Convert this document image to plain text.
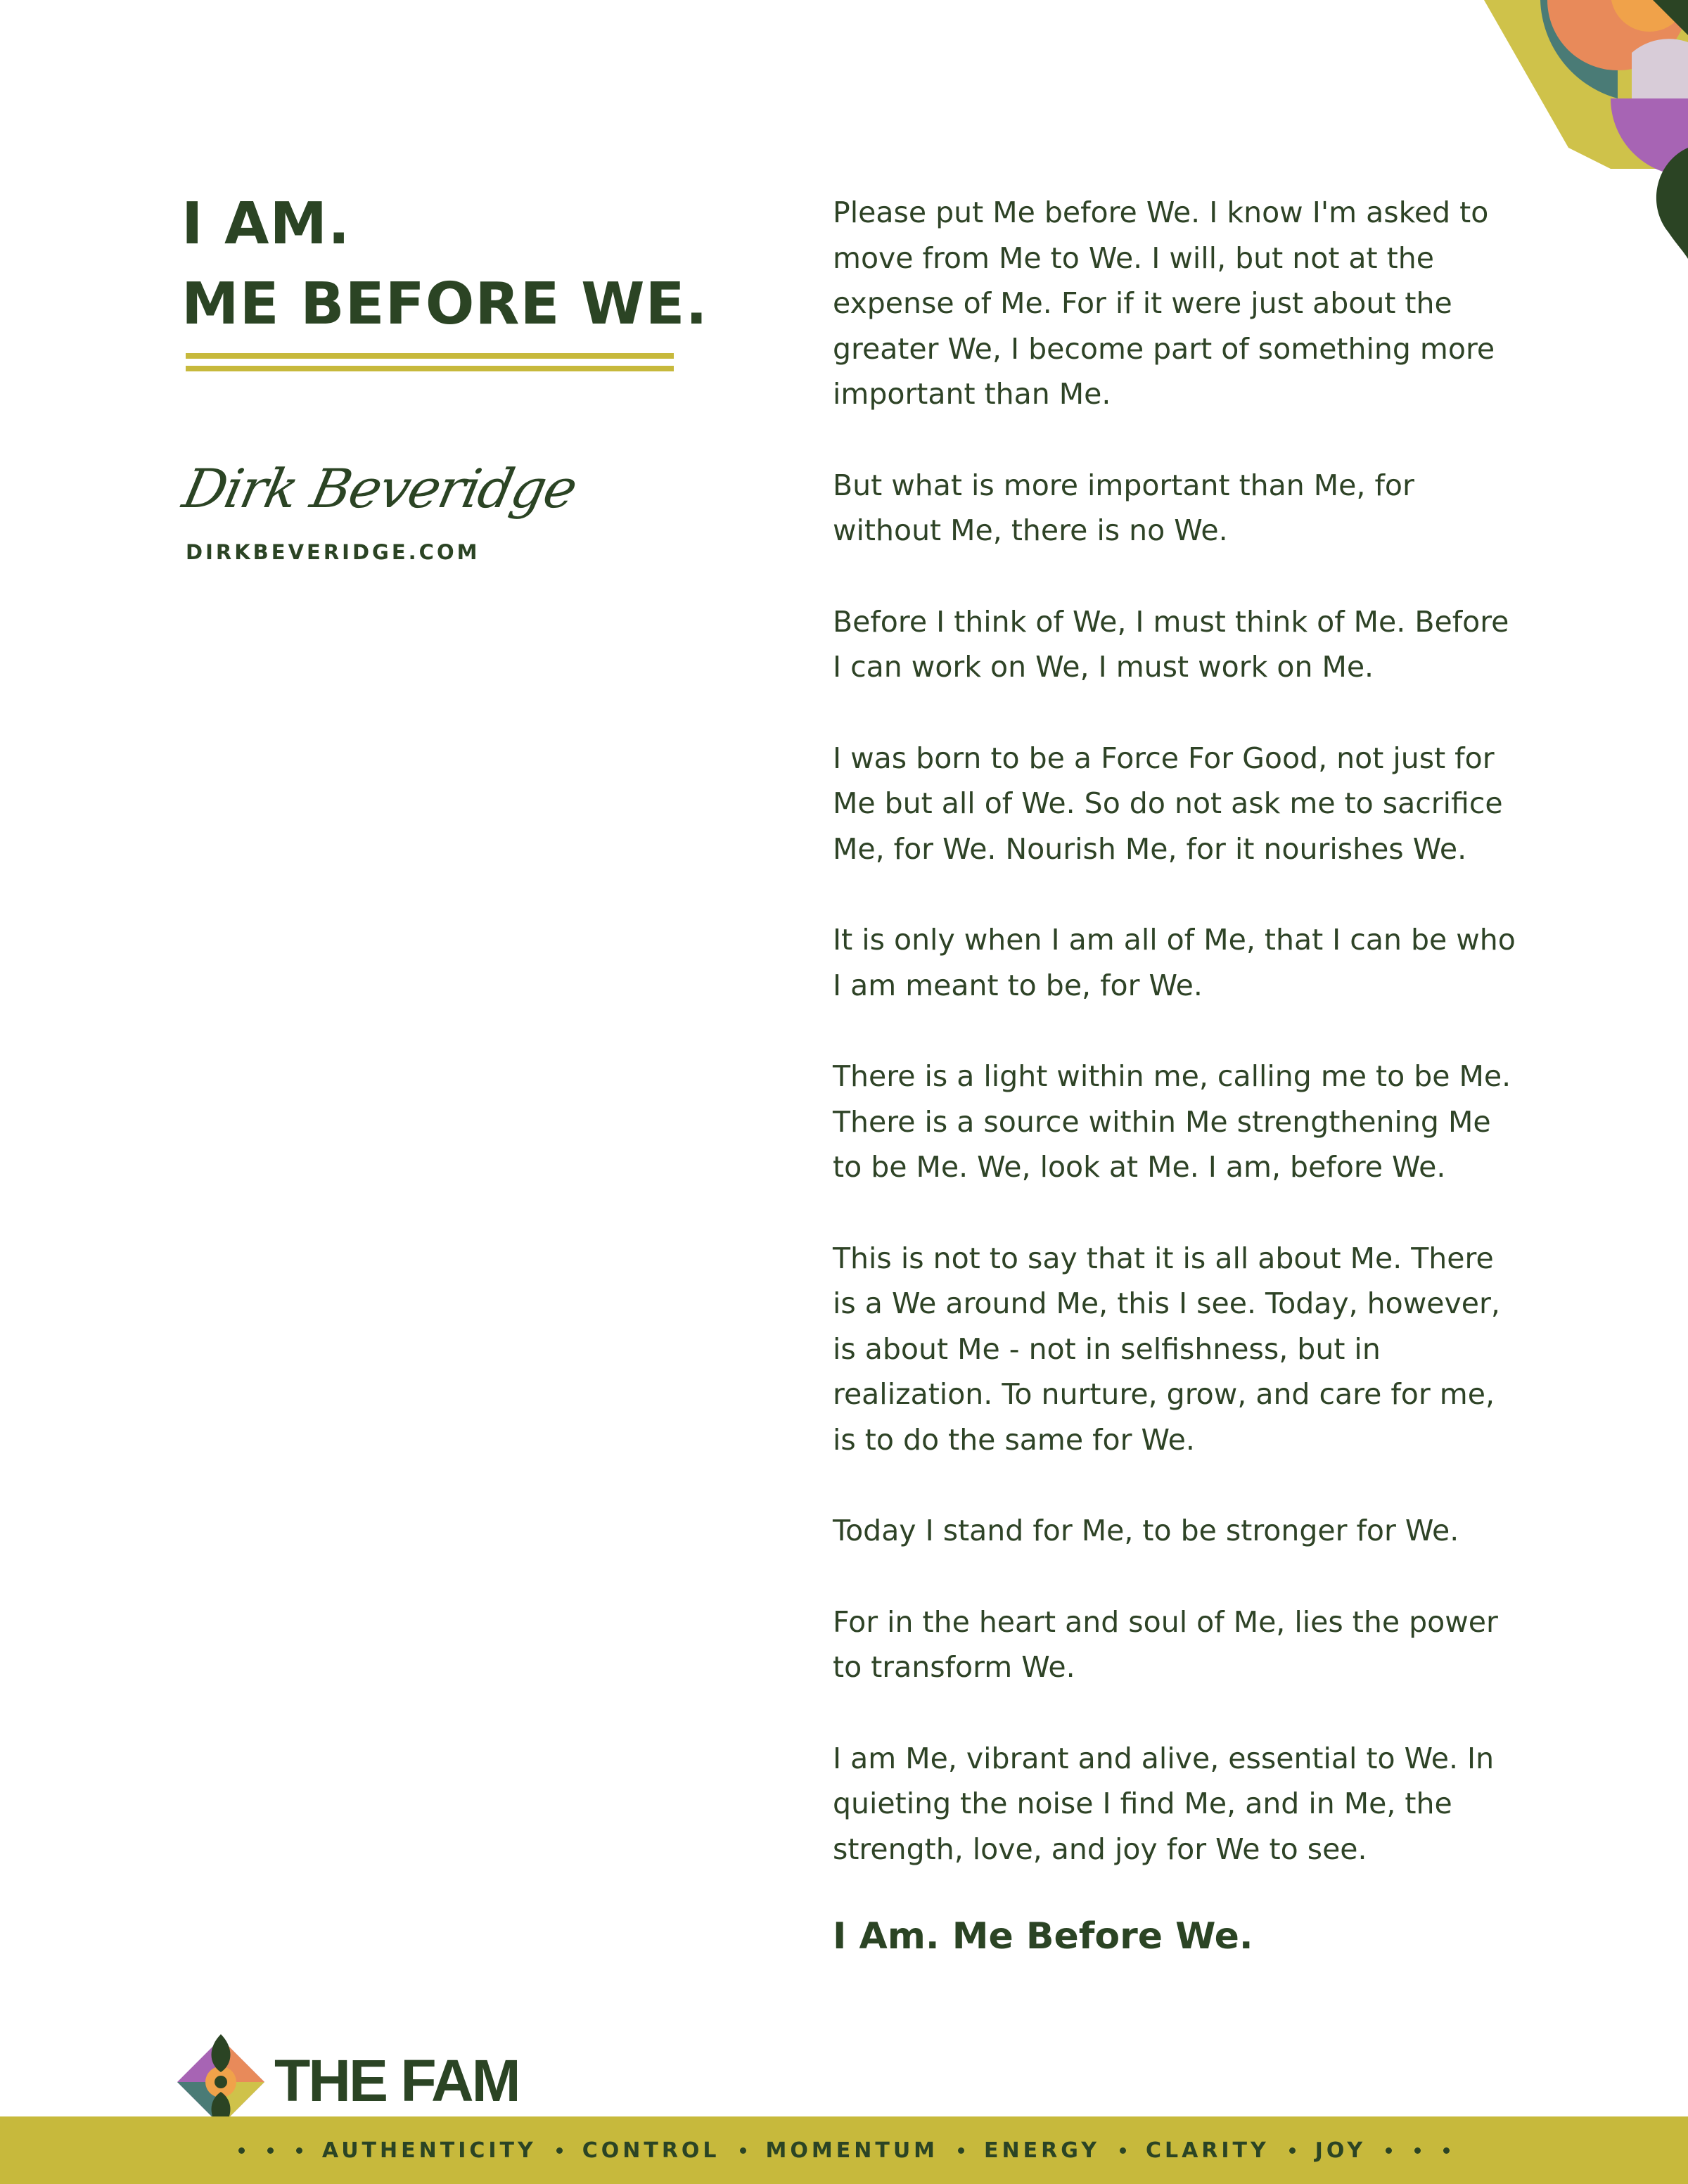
I AM.
ME BEFORE WE.
Dirk Beveridge
DIRKBEVERIDGE.COM

Please put Me before We. I know I'm asked to move from Me to We. I will, but not at the expense of Me. For if it were just about the greater We, I become part of something more important than Me.

But what is more important than Me, for without Me, there is no We.

Before I think of We, I must think of Me. Before I can work on We, I must work on Me.

I was born to be a Force For Good, not just for Me but all of We. So do not ask me to sacrifice Me, for We. Nourish Me, for it nourishes We.

It is only when I am all of Me, that I can be who I am meant to be, for We.

There is a light within me, calling me to be Me. There is a source within Me strengthening Me to be Me. We, look at Me. I am, before We.

This is not to say that it is all about Me. There is a We around Me, this I see. Today, however, is about Me - not in selfishness, but in realization. To nurture, grow, and care for me, is to do the same for We.

Today I stand for Me, to be stronger for We.

For in the heart and soul of Me, lies the power to transform We.

I am Me, vibrant and alive, essential to We. In quieting the noise I find Me, and in Me, the strength, love, and joy for We to see.

I Am. Me Before We.
THE FAM
AUTHENTICITY CONTROL MOMENTUM ENERGY CLARITY JOY
